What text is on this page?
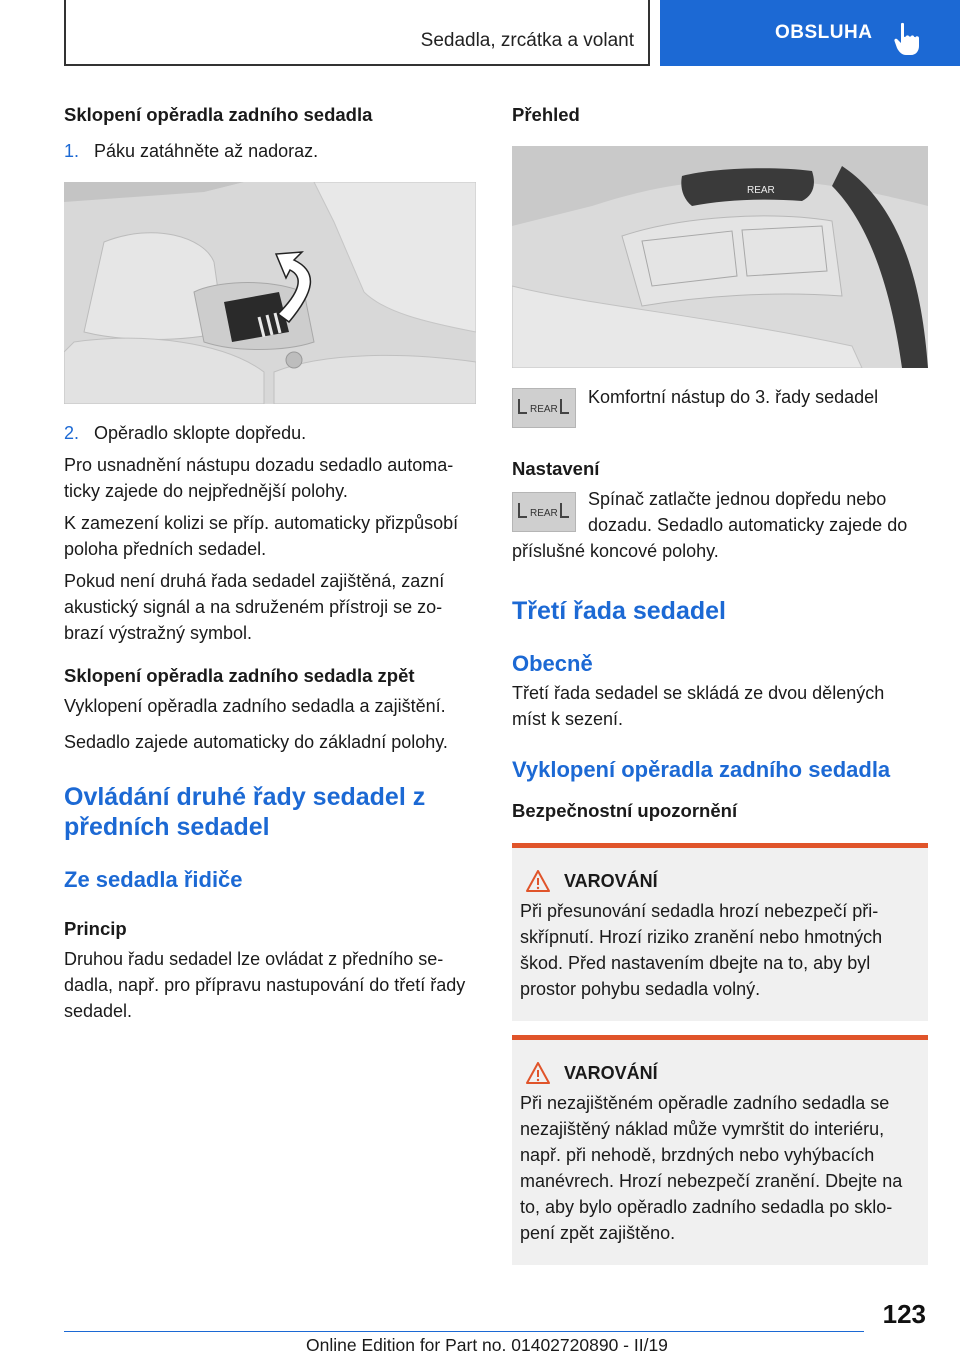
Sedadla, zrcátka a volant	OBSLUHA
Sklopení opěradla zadního sedadla
1. Páku zatáhněte až nadoraz.
2. Opěradlo sklopte dopředu.
Pro usnadnění nástupu dozadu sedadlo automa-
ticky zajede do nejpřednější polohy.
K zamezení kolizi se příp. automaticky přizpůsobí
poloha předních sedadel.
Pokud není druhá řada sedadel zajištěná, zazní
akustický signál a na sdruženém přístroji se zo-
brazí výstražný symbol.
Sklopení opěradla zadního sedadla zpět
Vyklopení opěradla zadního sedadla a zajištění.
Sedadlo zajede automaticky do základní polohy.
Ovládání druhé řady sedadel z
předních sedadel
Ze sedadla řidiče
Princip
Druhou řadu sedadel lze ovládat z předního se-
dadla, např. pro přípravu nastupování do třetí řady
sedadel.
Přehled
REAR
REAR
Komfortní nástup do 3. řady sedadel
Nastavení
REAR
Spínač zatlačte jednou dopředu nebo
dozadu. Sedadlo automaticky zajede do
příslušné koncové polohy.
Třetí řada sedadel
Obecně
Třetí řada sedadel se skládá ze dvou dělených
míst k sezení.
Vyklopení opěradla zadního sedadla
Bezpečnostní upozornění
VAROVÁNÍ
Při přesunování sedadla hrozí nebezpečí při-
skřípnutí. Hrozí riziko zranění nebo hmotných
škod. Před nastavením dbejte na to, aby byl
prostor pohybu sedadla volný.
VAROVÁNÍ
Při nezajištěném opěradle zadního sedadla se
nezajištěný náklad může vymrštit do interiéru,
např. při nehodě, brzdných nebo vyhýbacích
manévrech. Hrozí nebezpečí zranění. Dbejte na
to, aby bylo opěradlo zadního sedadla po sklo-
pení zpět zajištěno.
123
Online Edition for Part no. 01402720890 - II/19
